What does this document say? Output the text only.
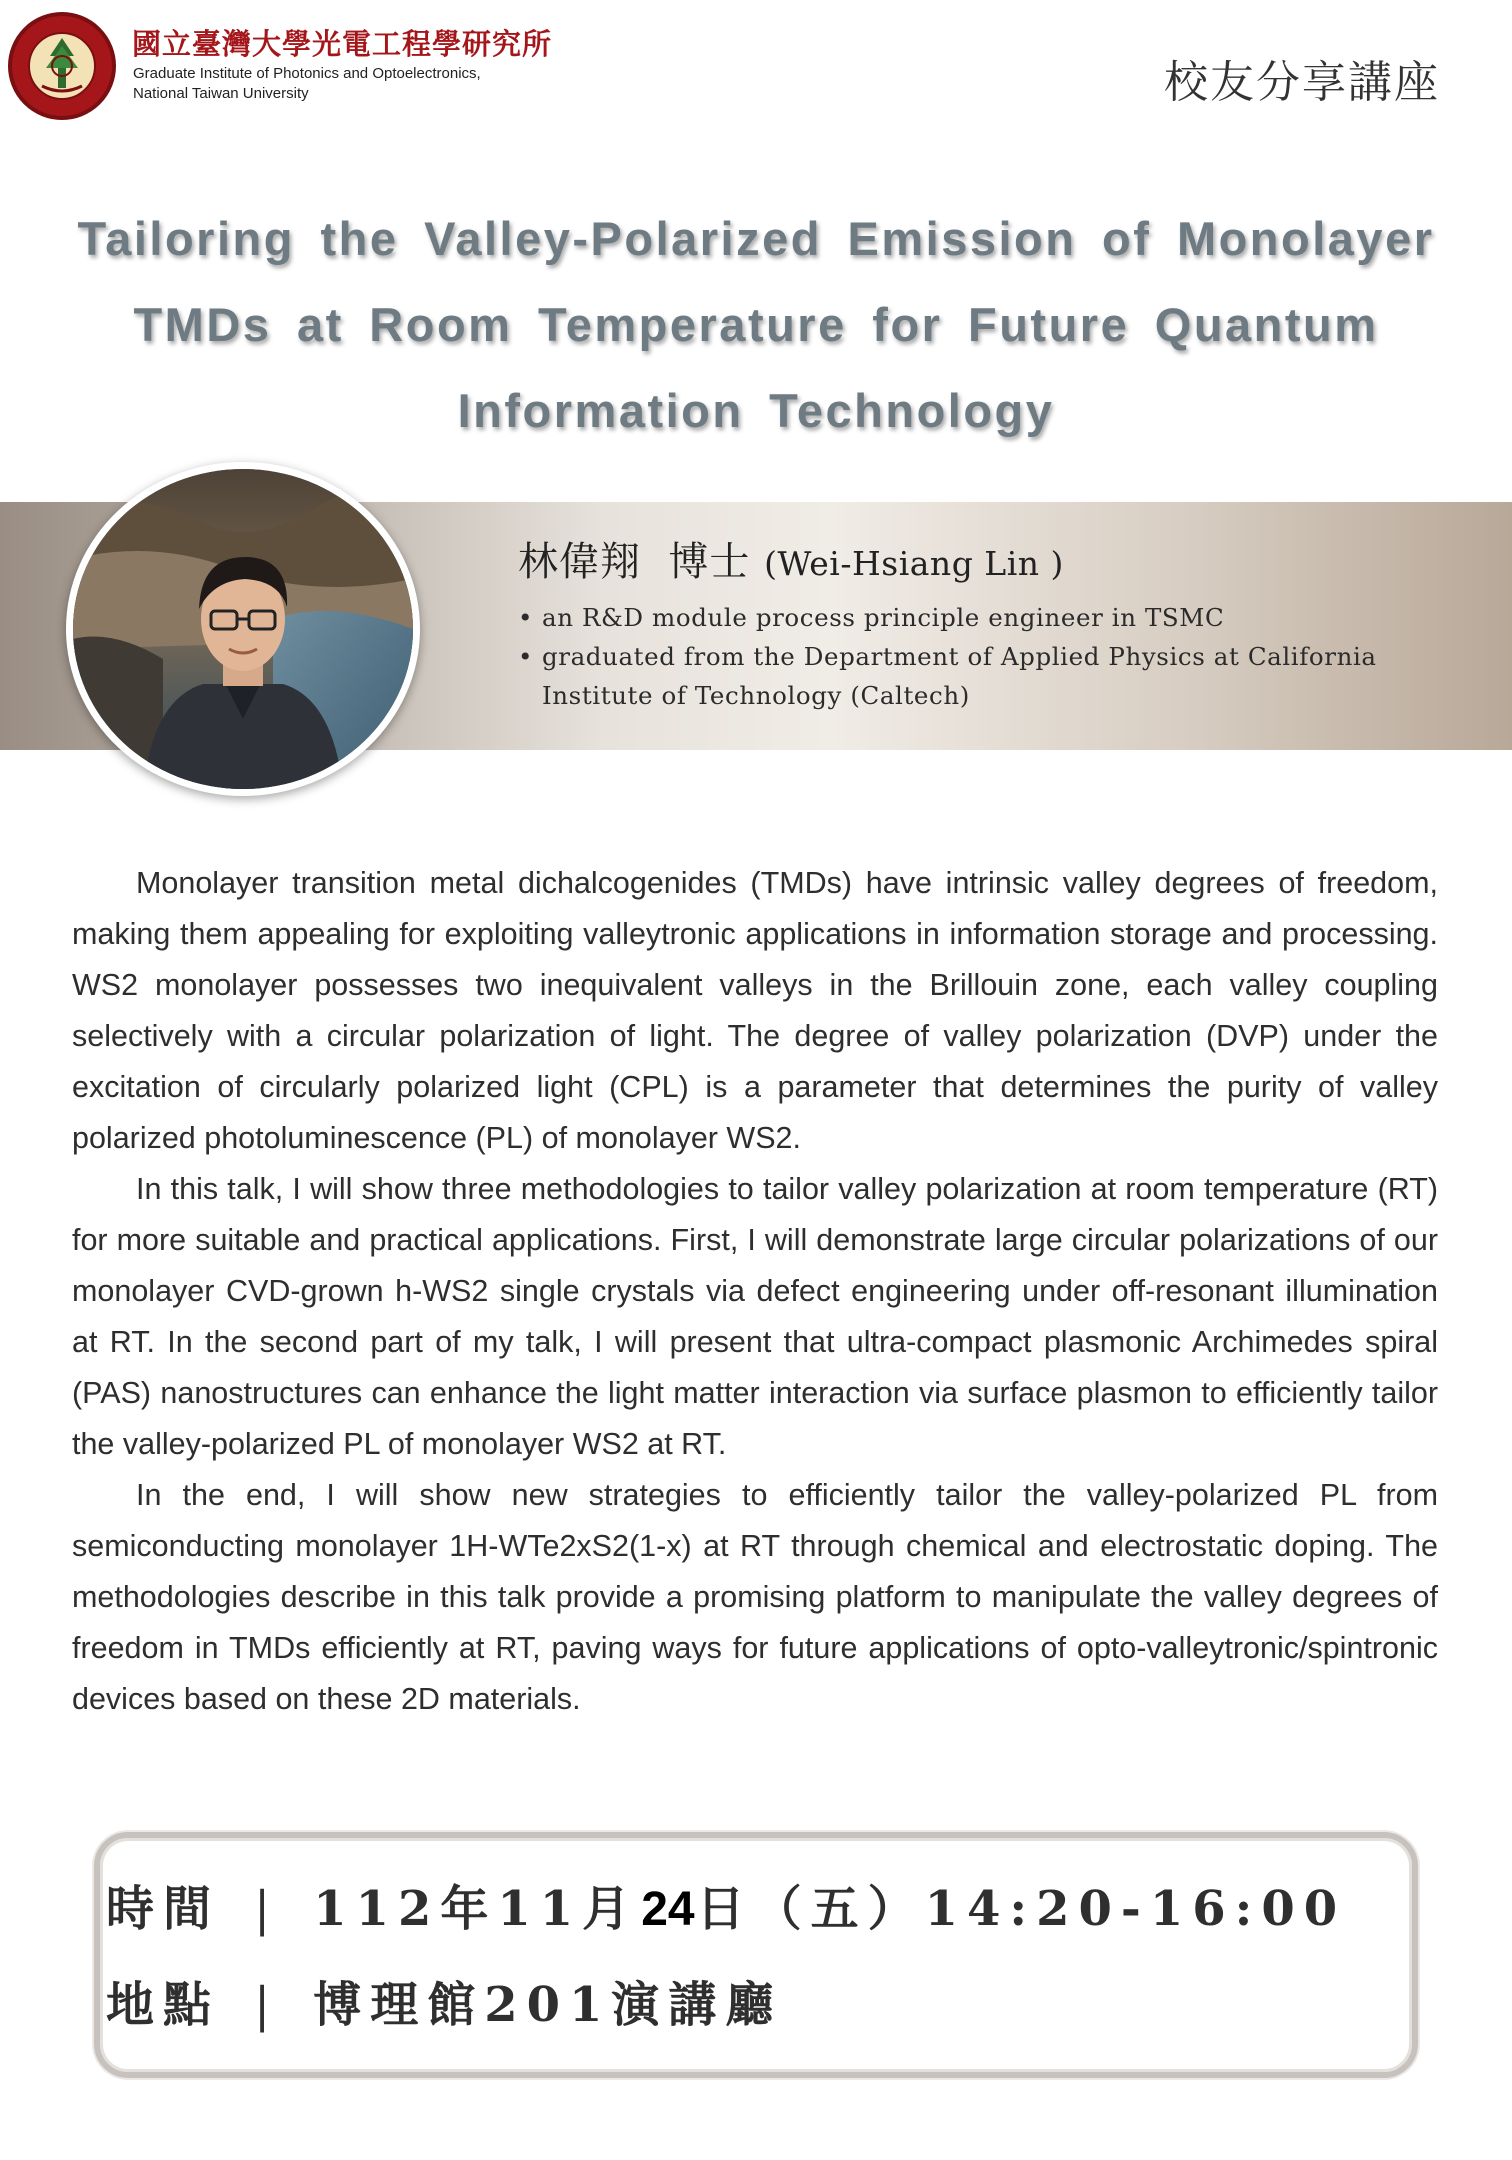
國立臺灣大學光電工程學研究所
Graduate Institute of Photonics and Optoelectronics,
National Taiwan University	校友分享講座
Tailoring the Valley-Polarized Emission of Monolayer
TMDs at Room Temperature for Future Quantum
Information Technology
林偉翔  博士 (Wei-Hsiang Lin )
• an R&D module process principle engineer in TSMC
• graduated from the Department of Applied Physics at California Institute of Technology (Caltech)

Monolayer transition metal dichalcogenides (TMDs) have intrinsic valley degrees of freedom, making them appealing for exploiting valleytronic applications in information storage and processing. WS2 monolayer possesses two inequivalent valleys in the Brillouin zone, each valley coupling selectively with a circular polarization of light. The degree of valley polarization (DVP) under the excitation of circularly polarized light (CPL) is a parameter that determines the purity of valley polarized photoluminescence (PL) of monolayer WS2.

In this talk, I will show three methodologies to tailor valley polarization at room temperature (RT) for more suitable and practical applications. First, I will demonstrate large circular polarizations of our monolayer CVD-grown h-WS2 single crystals via defect engineering under off-resonant illumination at RT. In the second part of my talk, I will present that ultra-compact plasmonic Archimedes spiral (PAS) nanostructures can enhance the light matter interaction via surface plasmon to efficiently tailor the valley-polarized PL of monolayer WS2 at RT.

In the end, I will show new strategies to efficiently tailor the valley-polarized PL from semiconducting monolayer 1H-WTe2xS2(1-x) at RT through chemical and electrostatic doping. The methodologies describe in this talk provide a promising platform to manipulate the valley degrees of freedom in TMDs efficiently at RT, paving ways for future applications of opto-valleytronic/spintronic devices based on these 2D materials.

時間 | 112年11月24日（五）14:20-16:00
地點 | 博理館201演講廳
